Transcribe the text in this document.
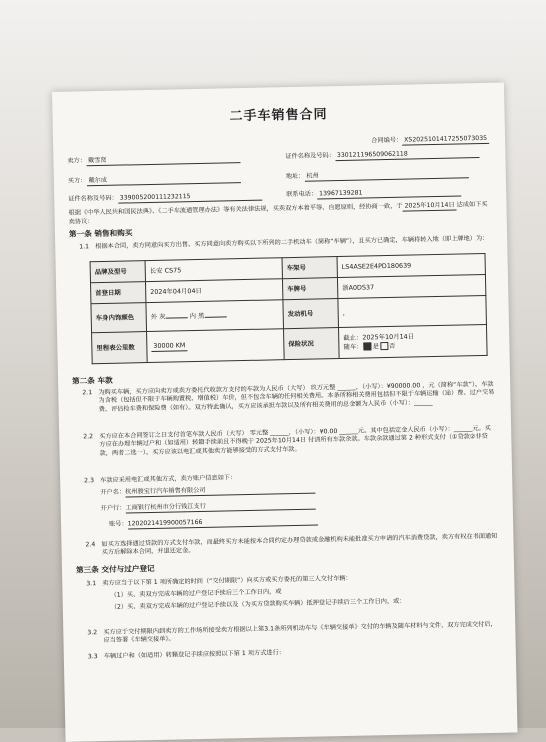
合同编号： XS2025101417255073035
二手车销售合同
卖方： 戴雪贤
证件名称及号码： 330121196509062118
买方： 戴尔成
地址： 杭州
证件名称及号码： 339005200111232115	联系电话： 13967139281
根据《中华人民共和国民法典》、《二手车流通管理办法》等有关法律法规，买卖双方本着平等、自愿原则，经协商一致，于 2025年10月14日 达成如下买卖协议：
第一条 销售和购买
1.1 根据本合同，卖方同意向买方出售、买方同意向卖方购买以下所列的二手机动车（简称“车辆”），且买方已确定，车辆将转入地（即上牌地）为：
品牌及型号	长安 CS75	车架号	LS4ASE2E4PD180639
首登日期	2024年04月04日	车牌号	浙A0DS37
车身内饰颜色	外 灰 内 黑	发动机号	，
里程表公里数	30000 KM	保险状况	截止：2025年10月14日
随车： 是 否
第二条 车款
2.1 为购买车辆，买方应向卖方或卖方委托代收款方支付的车款为人民币（大写） 玖万元整 ______，（小写）：¥90000.00 ，元（简称“车款”）。车款为含税（包括但不限于车辆购置税、增值税）车价，但不包含车辆的任何相关费用。本条所称相关费用包括但不限于车辆运输（途）费、过户交易费、评估检车费和保险费（如有）。双方特此确认，买方应该承担车款以及所有相关费用的总金额为人民币（小写）：______
2.2 买方应在本合同签订之日支付首笔车款人民币（大写） 零元整 ______，（小写）：¥0.00 ______元。其中包括定金人民币（小写）：______元。买方应在办理车辆过户和（如适用）转籍手续前且不得晚于 2025年10月14日 付清所有车款余款。车款余款通过第 2 种形式支付（①贷款②非贷款，两者二选一）。买方应该以电汇或其他卖方能够接受的方式支付车款。
2.3 车款应采用电汇或其他方式，卖方账户信息如下：
开户名：杭州骏宝行汽车销售有限公司
开户行：工商银行杭州市分行钱江支行
账号：1202021419900057166
2.4 如买方选择通过贷款的方式支付车款，而最终买方未能按本合同约定办理贷款或金融机构未能批准买方申请的汽车消费贷款，卖方有权在书面通知买方后解除本合同，并退还定金。
第三条 交付与过户登记
3.1 卖方应当于以下第 1 项所确定的时间（“交付期限”）向买方或买方委托的第三人交付车辆：
（1）买、卖双方完成车辆的过户登记手续后三个工作日内，或
（2）买、卖双方完成车辆的过户登记手续以及（为买方贷款购买车辆）抵押登记手续后三个工作日内，或：
3.2 买方应于交付期限内到卖方的工作场所接受卖方根据以上第3.1条所列机动车与《车辆交接单》交付的车辆及随车材料与文件，双方完成交付后，应当签署《车辆交接单》。
3.3 车辆过户和（如适用）转籍登记手续应按照以下第 1 项方式进行：
